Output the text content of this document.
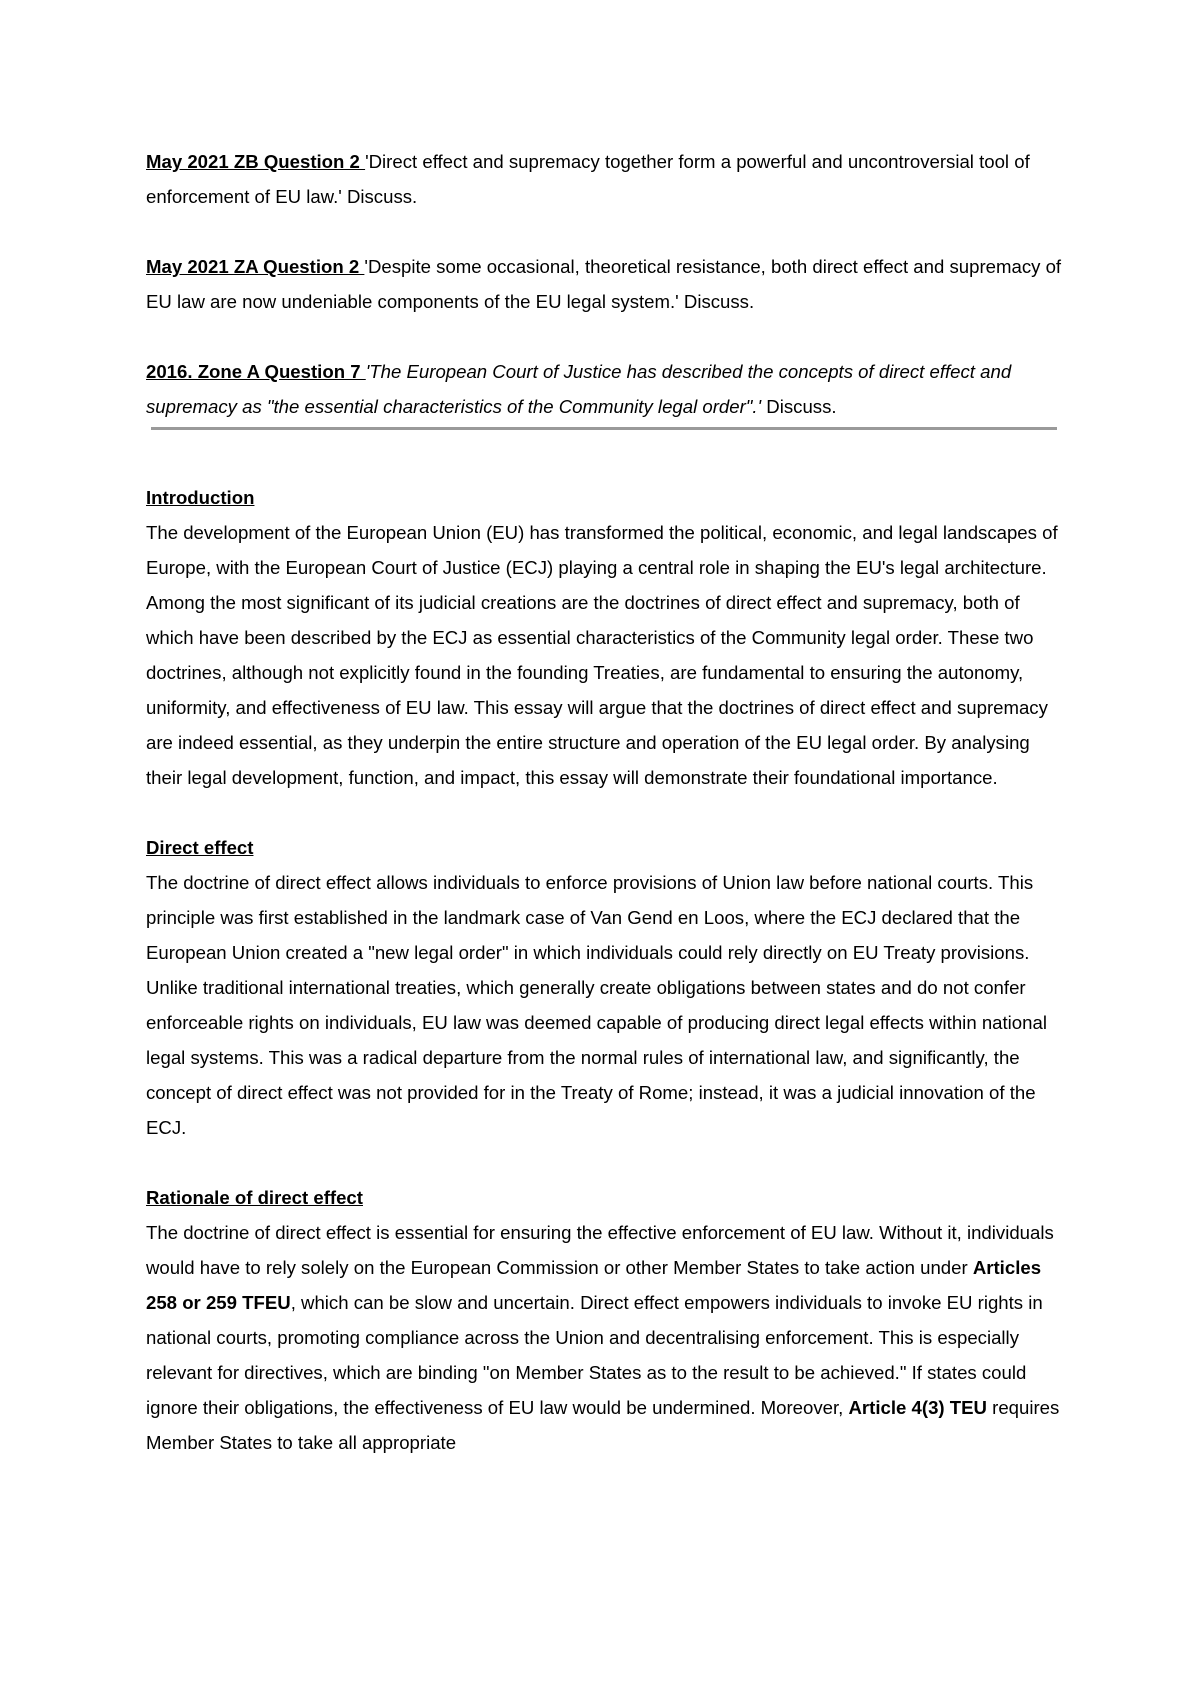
May 2021 ZB Question 2 'Direct effect and supremacy together form a powerful and uncontroversial tool of enforcement of EU law.' Discuss.

May 2021 ZA Question 2 'Despite some occasional, theoretical resistance, both direct effect and supremacy of EU law are now undeniable components of the EU legal system.' Discuss.

2016. Zone A Question 7 'The European Court of Justice has described the concepts of direct effect and supremacy as "the essential characteristics of the Community legal order".' Discuss.

Introduction

The development of the European Union (EU) has transformed the political, economic, and legal landscapes of Europe, with the European Court of Justice (ECJ) playing a central role in shaping the EU's legal architecture. Among the most significant of its judicial creations are the doctrines of direct effect and supremacy, both of which have been described by the ECJ as essential characteristics of the Community legal order. These two doctrines, although not explicitly found in the founding Treaties, are fundamental to ensuring the autonomy, uniformity, and effectiveness of EU law. This essay will argue that the doctrines of direct effect and supremacy are indeed essential, as they underpin the entire structure and operation of the EU legal order. By analysing their legal development, function, and impact, this essay will demonstrate their foundational importance.

Direct effect

The doctrine of direct effect allows individuals to enforce provisions of Union law before national courts. This principle was first established in the landmark case of Van Gend en Loos, where the ECJ declared that the European Union created a "new legal order" in which individuals could rely directly on EU Treaty provisions. Unlike traditional international treaties, which generally create obligations between states and do not confer enforceable rights on individuals, EU law was deemed capable of producing direct legal effects within national legal systems. This was a radical departure from the normal rules of international law, and significantly, the concept of direct effect was not provided for in the Treaty of Rome; instead, it was a judicial innovation of the ECJ.

Rationale of direct effect

The doctrine of direct effect is essential for ensuring the effective enforcement of EU law. Without it, individuals would have to rely solely on the European Commission or other Member States to take action under Articles 258 or 259 TFEU, which can be slow and uncertain. Direct effect empowers individuals to invoke EU rights in national courts, promoting compliance across the Union and decentralising enforcement. This is especially relevant for directives, which are binding "on Member States as to the result to be achieved." If states could ignore their obligations, the effectiveness of EU law would be undermined. Moreover, Article 4(3) TEU requires Member States to take all appropriate
